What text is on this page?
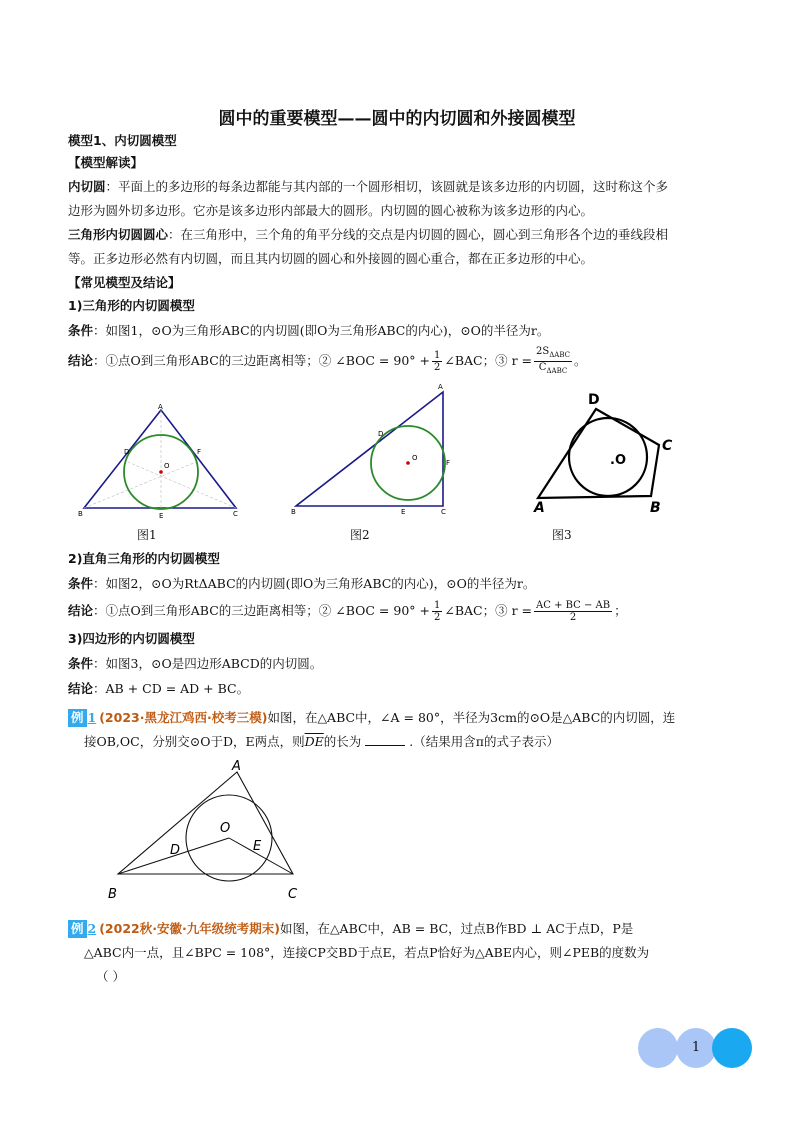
圆中的重要模型——圆中的内切圆和外接圆模型
模型1、内切圆模型
【模型解读】
内切圆：平面上的多边形的每条边都能与其内部的一个圆形相切，该圆就是该多边形的内切圆，这时称这个多
边形为圆外切多边形。它亦是该多边形内部最大的圆形。内切圆的圆心被称为该多边形的内心。
三角形内切圆圆心：在三角形中，三个角的角平分线的交点是内切圆的圆心，圆心到三角形各个边的垂线段相
等。正多边形必然有内切圆，而且其内切圆的圆心和外接圆的圆心重合，都在正多边形的中心。
【常见模型及结论】
1)三角形的内切圆模型
条件：如图1，⊙O为三角形ABC的内切圆(即O为三角形ABC的内心)，⊙O的半径为r。
结论：①点O到三角形ABC的三边距离相等；② ∠BOC = $90^\circ + \frac{1}{2}$ ∠BAC；③ $r = \frac{2S_{\Delta ABC}}{C_{\Delta ABC}}$ 。
A
B	C
D
E
F
O
图1
A
B	C
D
E
F
O
图2
D
C
A	B
.O
图3
2)直角三角形的内切圆模型
条件：如图2，⊙O为RtΔABC的内切圆(即O为三角形ABC的内心)，⊙O的半径为r。
结论：①点O到三角形ABC的三边距离相等；② ∠BOC = $90^\circ + \frac{1}{2}$ ∠BAC；③ $r = \frac{AC + BC - AB}{2}$ ；
3)四边形的内切圆模型
条件：如图3，⊙O是四边形ABCD的内切圆。
结论：AB + CD = AD + BC。
例 1 (2023·黑龙江鸡西·校考三模)如图，在△ABC中，∠A = 80°，半径为3cm的⊙O是△ABC的内切圆，连
接OB,OC，分别交⊙O于D，E两点，则$\overline{DE}$的长为	.（结果用含π的式子表示）
A
B	C
D	E
O
例 2 (2022秋·安徽·九年级统考期末)如图，在△ABC中，AB = BC，过点B作BD ⊥ AC于点D，P是
△ABC内一点，且∠BPC = 108°，连接CP交BD于点E，若点P恰好为△ABE内心，则∠PEB的度数为
（ ）
1
